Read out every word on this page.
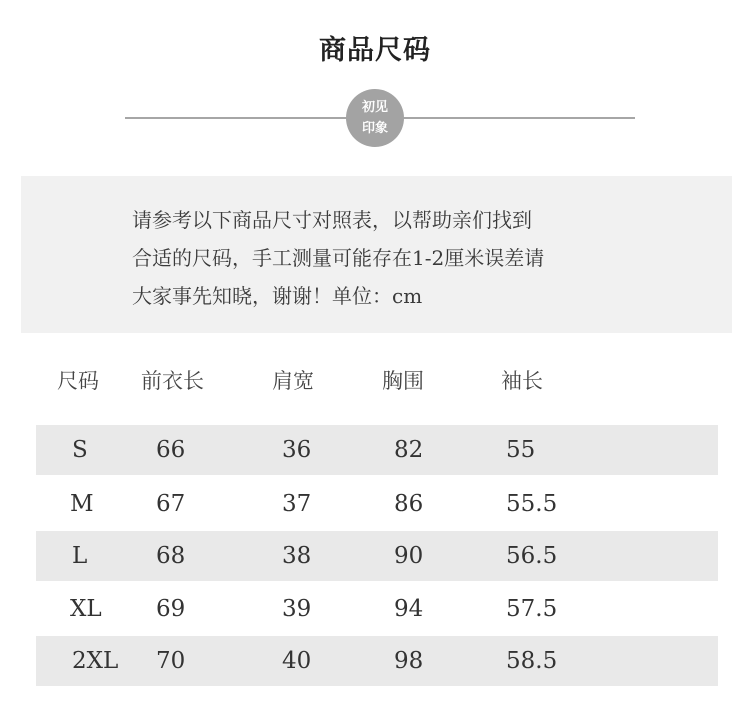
商品尺码
初见
印象
请参考以下商品尺寸对照表，以帮助亲们找到
合适的尺码，手工测量可能存在1-2厘米误差请
大家事先知晓，谢谢！单位：cm
尺码 前衣长	肩宽	胸围	袖长
S	66	36	82	55
M	67	37	86	55.5
L	68	38	90	56.5
XL 69	39	94	57.5
2XL 70	40	98	58.5
